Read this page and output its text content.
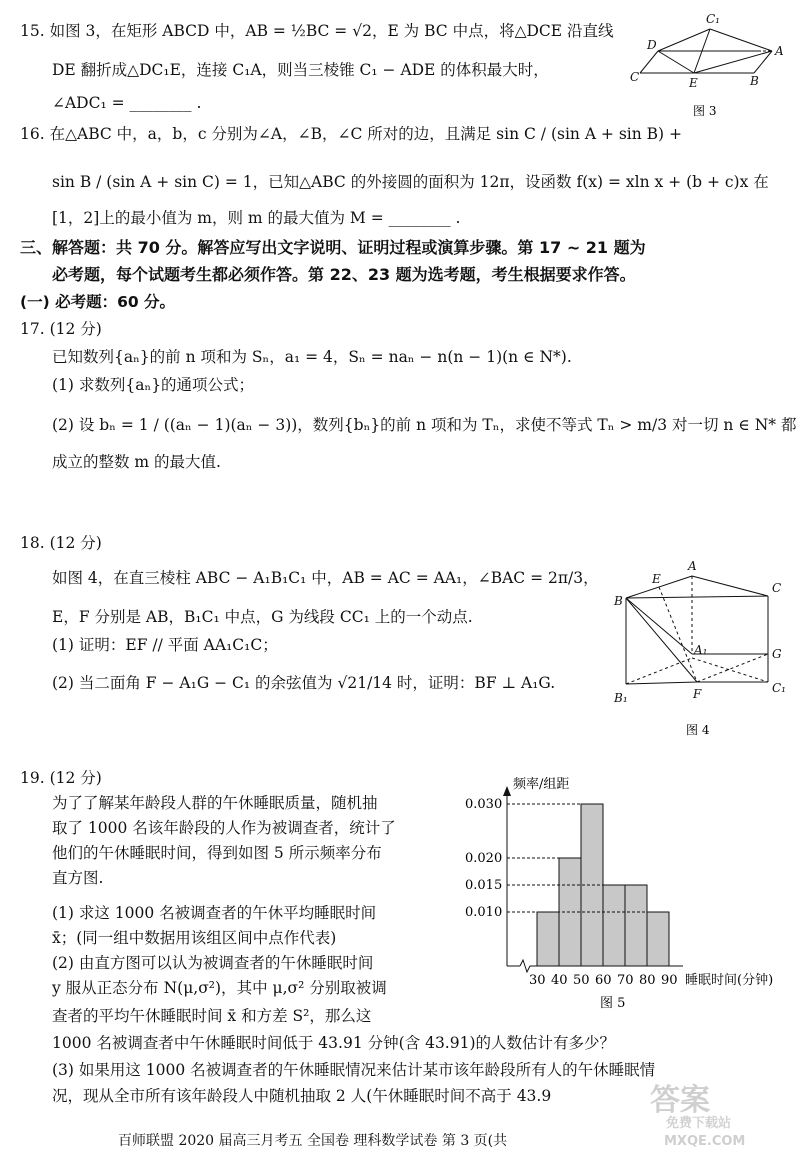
15. 如图 3，在矩形 ABCD 中，AB = ½BC = √2，E 为 BC 中点，将△DCE 沿直线
DE 翻折成△DC₁E，连接 C₁A，则当三棱锥 C₁ − ADE 的体积最大时，
∠ADC₁ = ________ .
C₁
D	A
C	E	B
图 3
16. 在△ABC 中，a，b，c 分别为∠A，∠B，∠C 所对的边，且满足 sin C / (sin A + sin B) +
sin B / (sin A + sin C) = 1，已知△ABC 的外接圆的面积为 12π，设函数 f(x) = xln x + (b + c)x 在
[1，2]上的最小值为 m，则 m 的最大值为 M = ________ .
三、解答题：共 70 分。解答应写出文字说明、证明过程或演算步骤。第 17 ~ 21 题为
必考题，每个试题考生都必须作答。第 22、23 题为选考题，考生根据要求作答。
(一) 必考题：60 分。
17. (12 分)
已知数列{aₙ}的前 n 项和为 Sₙ，a₁ = 4，Sₙ = naₙ − n(n − 1)(n ∈ N*).
(1) 求数列{aₙ}的通项公式；
(2) 设 bₙ = 1 / ((aₙ − 1)(aₙ − 3))，数列{bₙ}的前 n 项和为 Tₙ，求使不等式 Tₙ > m/3 对一切 n ∈ N* 都
成立的整数 m 的最大值.
18. (12 分)
如图 4，在直三棱柱 ABC − A₁B₁C₁ 中，AB = AC = AA₁，∠BAC = 2π/3，
E，F 分别是 AB，B₁C₁ 中点，G 为线段 CC₁ 上的一个动点.
(1) 证明：EF // 平面 AA₁C₁C；
(2) 当二面角 F − A₁G − C₁ 的余弦值为 √21/14 时，证明：BF ⊥ A₁G.
A
E
C
B
A₁	G
C₁
B₁	F
图 4
19. (12 分)
为了了解某年龄段人群的午休睡眠质量，随机抽
取了 1000 名该年龄段的人作为被调查者，统计了
他们的午休睡眠时间，得到如图 5 所示频率分布
直方图.
(1) 求这 1000 名被调查者的午休平均睡眠时间
x̄；(同一组中数据用该组区间中点作代表)
(2) 由直方图可以认为被调查者的午休睡眠时间
y 服从正态分布 N(μ,σ²)，其中 μ,σ² 分别取被调
查者的平均午休睡眠时间 x̄ 和方差 S²，那么这
1000 名被调查者中午休睡眠时间低于 43.91 分钟(含 43.91)的人数估计有多少？
(3) 如果用这 1000 名被调查者的午休睡眠情况来估计某市该年龄段所有人的午休睡眠情
况，现从全市所有该年龄段人中随机抽取 2 人(午休睡眠时间不高于 43.9
0.010
0.015
0.020
0.030
30 40 50 60 70 80 90
频率/组距
睡眠时间(分钟)
图 5
百师联盟 2020 届高三月考五 全国卷 理科数学试卷 第 3 页(共
答案
免费下载站
MXQE.COM
